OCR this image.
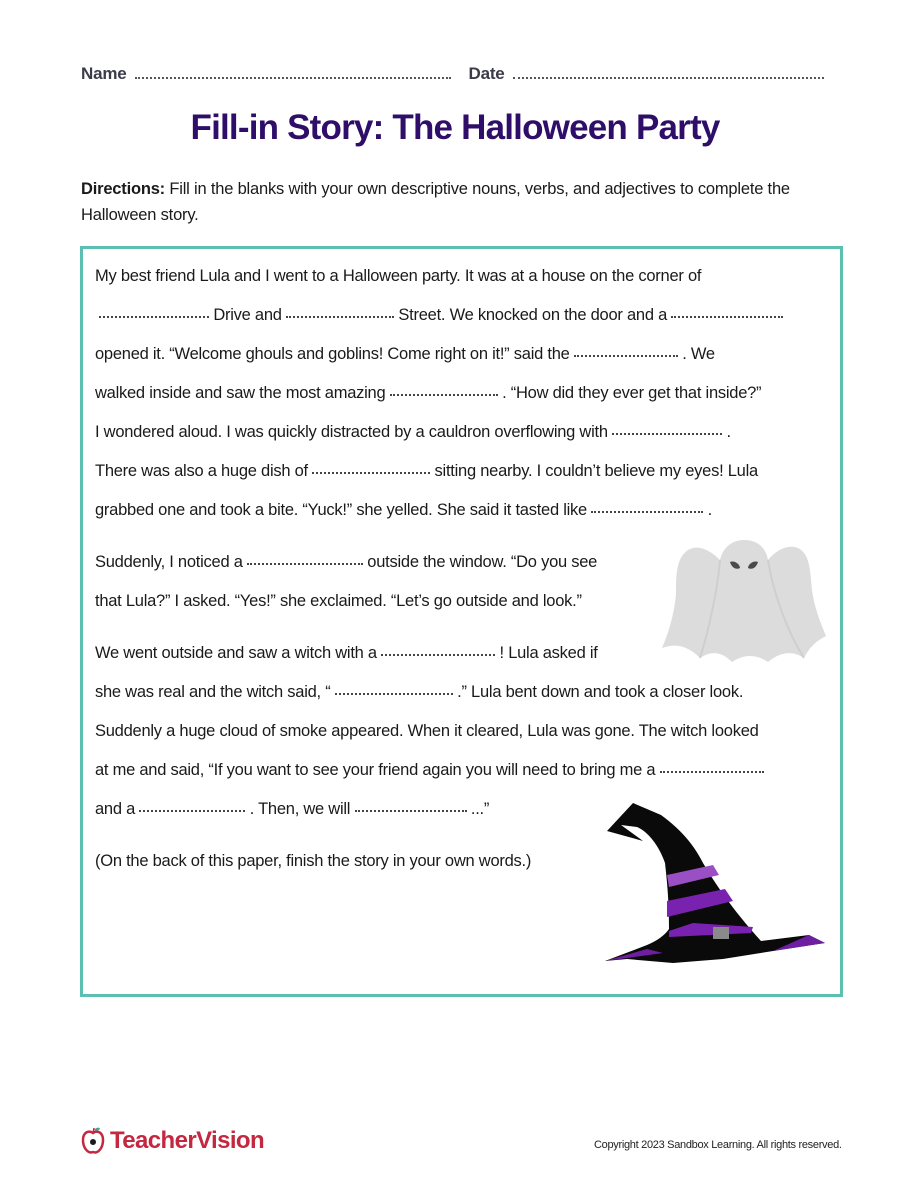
Name	Date
Fill-in Story: The Halloween Party
Directions: Fill in the blanks with your own descriptive nouns, verbs, and adjectives to complete the Halloween story.
My best friend Lula and I went to a Halloween party. It was at a house on the corner of
Drive and	Street. We knocked on the door and a
opened it. “Welcome ghouls and goblins! Come right on it!” said the	. We
walked inside and saw the most amazing	. “How did they ever get that inside?”
I wondered aloud. I was quickly distracted by a cauldron overflowing with	.
There was also a huge dish of	sitting nearby. I couldn’t believe my eyes! Lula
grabbed one and took a bite. “Yuck!” she yelled. She said it tasted like	.
Suddenly, I noticed a	outside the window. “Do you see
that Lula?” I asked. “Yes!” she exclaimed. “Let’s go outside and look.”
We went outside and saw a witch with a	! Lula asked if
she was real and the witch said, “	.” Lula bent down and took a closer look.
Suddenly a huge cloud of smoke appeared. When it cleared, Lula was gone. The witch looked
at me and said, “If you want to see your friend again you will need to bring me a
and a	. Then, we will	...”
(On the back of this paper, finish the story in your own words.)
TeacherVision	Copyright 2023 Sandbox Learning. All rights reserved.
